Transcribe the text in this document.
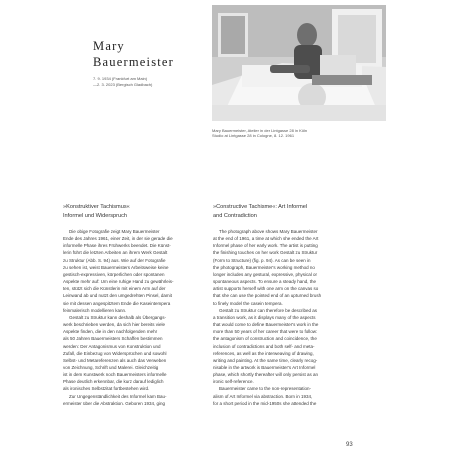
Mary
Bauermeister
7. 9. 1934 (Frankfurt am Main)
—2. 3. 2023 (Bergisch Gladbach)
Mary Bauermeister, Atelier in der Lintgasse 28 in Köln
Studio at Lintgasse 28 in Cologne, 8. 12. 1961
»Konstruktiver Tachismus«
Informel und Widerspruch
»Constructive Tachisme«: Art Informel
and Contradiction
Die obige Fotografie zeigt Mary Bauermeister
Ende des Jahres 1961, einer Zeit, in der sie gerade die
informelle Phase ihres Frühwerks beendet. Die Künst-
lerin führt die letzten Arbeiten an ihrem Werk Gestalt
zu Struktur (Abb. S. 94) aus. Wie auf der Fotografie
zu sehen ist, weist Bauermeisters Arbeitsweise keine
gestisch-expressiven, körperlichen oder spontanen
Aspekte mehr auf: Um eine ruhige Hand zu gewährleis-
ten, stützt sich die Künstlerin mit einem Arm auf der
Leinwand ab und nutzt den umgedrehten Pinsel, damit
sie mit dessen angespitztem Ende die Kaseintempera
feinmalerisch modellieren kann.
Gestalt zu Struktur kann deshalb als Übergangs-
werk beschrieben werden, da sich hier bereits viele
Aspekte finden, die in den nachfolgenden mehr
als 50 Jahren Bauermeisters Schaffen bestimmen
werden: Der Antagonismus von Konstruktion und
Zufall, die Einbezug von Widersprüchen und sowohl
Selbst- und Metareferenzen als auch das Verweben
von Zeichnung, Schrift und Malerei. Gleichzeitig
ist in dem Kunstwerk noch Bauermeisters informelle
Phase deutlich erkennbar, die kurz darauf lediglich
als ironisches Selbstzitat fortbestehen wird.
Zur Ungegenständlichkeit des Informel kam Bau-
ermeister über die Abstraktion. Geboren 1934, ging
The photograph above shows Mary Bauermeister
at the end of 1961, a time at which she ended the Art
Informel phase of her early work. The artist is putting
the finishing touches on her work Gestalt zu Struktur
(Form to Structure) (fig. p. 94). As can be seen in
the photograph, Bauermeister's working method no
longer includes any gestural, expressive, physical or
spontaneous aspects. To ensure a steady hand, the
artist supports herself with one arm on the canvas so
that she can use the pointed end of an upturned brush
to finely model the casein tempera.
Gestalt zu Struktur can therefore be described as
a transition work, as it displays many of the aspects
that would come to define Bauermeister's work in the
more than 50 years of her career that were to follow:
the antagonism of construction and coincidence, the
inclusion of contradictions and both self- and meta-
references, as well as the interweaving of drawing,
writing and painting. At the same time, clearly recog-
nisable in the artwork is Bauermeister's Art Informel
phase, which shortly thereafter will only persist as an
ironic self-reference.
Bauermeister came to the non-representation-
alism of Art Informel via abstraction. Born in 1934,
for a short period in the mid-1950s she attended the
93
